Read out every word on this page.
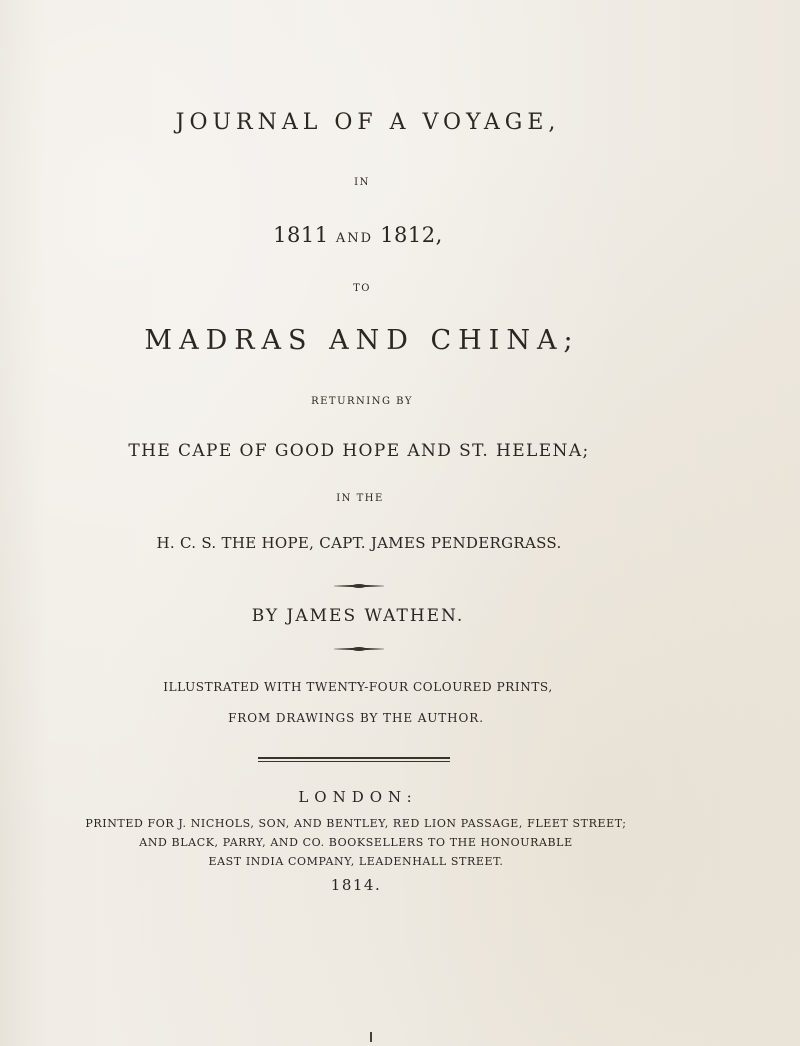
JOURNAL OF A VOYAGE,
IN
1811 AND 1812,
TO
MADRAS AND CHINA;
RETURNING BY
THE CAPE OF GOOD HOPE AND ST. HELENA;
IN THE
H. C. S. THE HOPE, CAPT. JAMES PENDERGRASS.
BY JAMES WATHEN.
ILLUSTRATED WITH TWENTY-FOUR COLOURED PRINTS,
FROM DRAWINGS BY THE AUTHOR.
LONDON:
PRINTED FOR J. NICHOLS, SON, AND BENTLEY, RED LION PASSAGE, FLEET STREET;
AND BLACK, PARRY, AND CO. BOOKSELLERS TO THE HONOURABLE
EAST INDIA COMPANY, LEADENHALL STREET.
1814.
